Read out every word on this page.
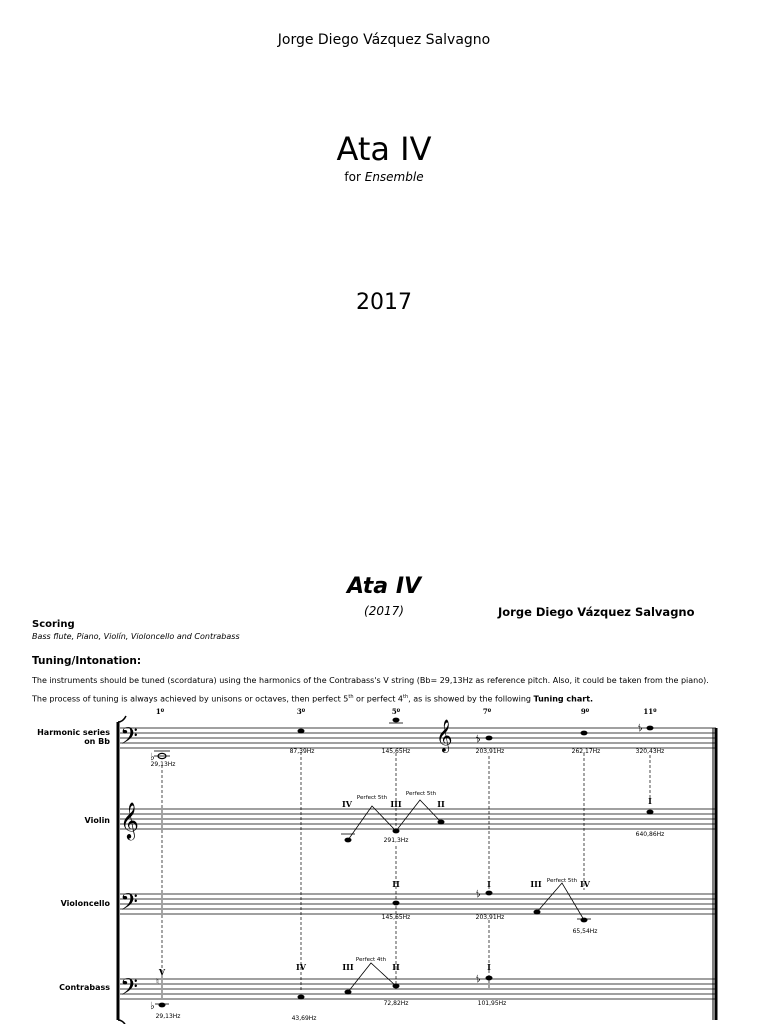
Jorge Diego Vázquez Salvagno
Ata IV
for Ensemble
2017
Ata IV
(2017)	Jorge Diego Vázquez Salvagno
Scoring
Bass flute, Piano, Violín, Violoncello and Contrabass
Tuning/Intonation:
The instruments should be tuned (scordatura) using the harmonics of the Contrabass's V string (Bb= 29,13Hz as reference pitch. Also, it could be taken from the piano).
The process of tuning is always achieved by unisons or octaves, then perfect 5th or perfect 4th, as is showed by the following Tuning chart.
𝄢	𝄞
𝄞
𝄢
𝄢
Harmonic series
on Bb
Violin
Violoncello
Contrabass
1º	3º	5º	7º	9º	11º
♭
𝄳
𝄳
𝄳
♭
𝄳
♮
Perfect 5th
Perfect 5th
Perfect 5th
Perfect 4th
IV	III	II	I
II	I	III	IV
V	IV	III	II	I
29,13Hz
87,39Hz	145,65Hz	203,91Hz	262,17Hz	320,43Hz
291,3Hz
640,86Hz
145,65Hz	203,91Hz
65,54Hz
29,13Hz	43,69Hz
72,82Hz	101,95Hz
